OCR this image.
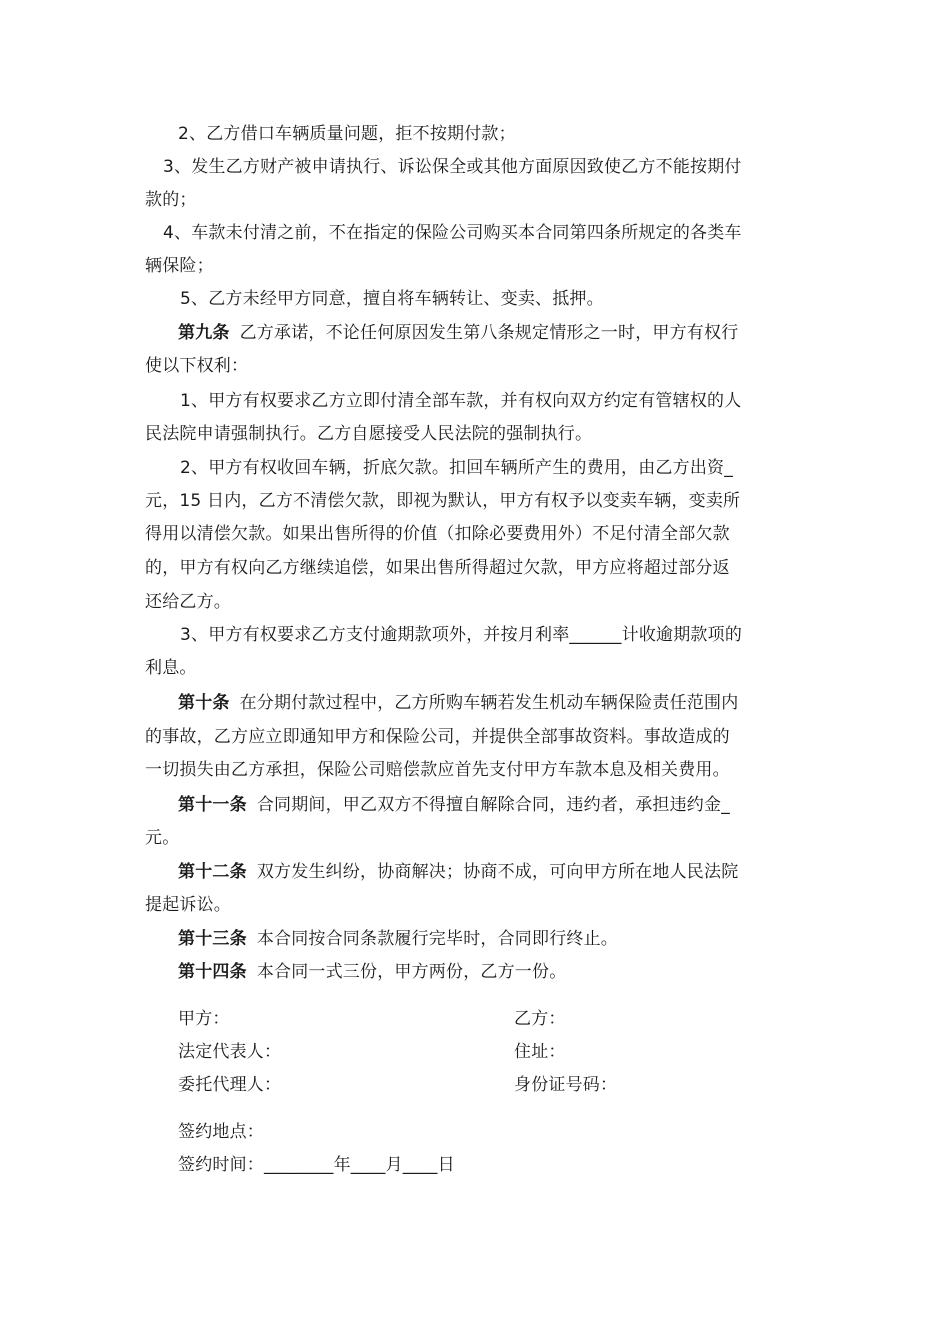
2、乙方借口车辆质量问题，拒不按期付款；
3、发生乙方财产被申请执行、诉讼保全或其他方面原因致使乙方不能按期付
款的；
4、车款未付清之前，不在指定的保险公司购买本合同第四条所规定的各类车
辆保险；
5、乙方未经甲方同意，擅自将车辆转让、变卖、抵押。
第九条 乙方承诺，不论任何原因发生第八条规定情形之一时，甲方有权行
使以下权利：
1、甲方有权要求乙方立即付清全部车款，并有权向双方约定有管辖权的人
民法院申请强制执行。乙方自愿接受人民法院的强制执行。
2、甲方有权收回车辆，折底欠款。扣回车辆所产生的费用，由乙方出资_
元，15 日内，乙方不清偿欠款，即视为默认，甲方有权予以变卖车辆，变卖所
得用以清偿欠款。如果出售所得的价值（扣除必要费用外）不足付清全部欠款
的，甲方有权向乙方继续追偿，如果出售所得超过欠款，甲方应将超过部分返
还给乙方。
3、甲方有权要求乙方支付逾期款项外，并按月利率______计收逾期款项的
利息。
第十条 在分期付款过程中，乙方所购车辆若发生机动车辆保险责任范围内
的事故，乙方应立即通知甲方和保险公司，并提供全部事故资料。事故造成的
一切损失由乙方承担，保险公司赔偿款应首先支付甲方车款本息及相关费用。
第十一条 合同期间，甲乙双方不得擅自解除合同，违约者，承担违约金_
元。
第十二条 双方发生纠纷，协商解决；协商不成，可向甲方所在地人民法院
提起诉讼。
第十三条 本合同按合同条款履行完毕时，合同即行终止。
第十四条 本合同一式三份，甲方两份，乙方一份。
甲方：	乙方：
法定代表人：	住址：
委托代理人：	身份证号码：
签约地点：
签约时间：________年____月____日
